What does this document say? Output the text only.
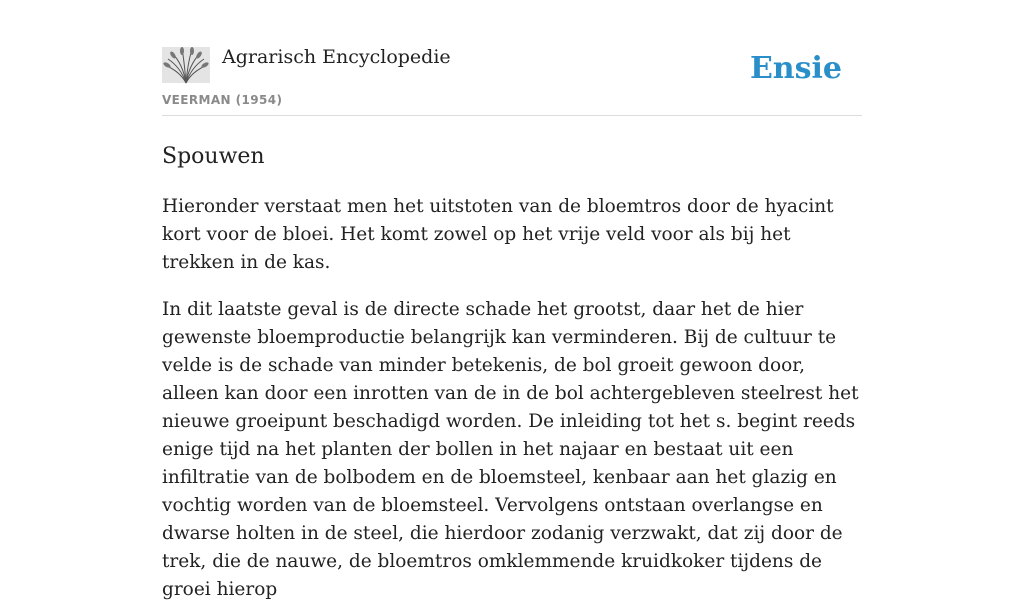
Agrarisch Encyclopedie
VEERMAN (1954)
Ensie
Spouwen

Hieronder verstaat men het uitstoten van de bloemtros door de hyacint kort voor de bloei. Het komt zowel op het vrije veld voor als bij het trekken in de kas.

In dit laatste geval is de directe schade het grootst, daar het de hier gewenste bloemproductie belangrijk kan verminderen. Bij de cultuur te velde is de schade van minder betekenis, de bol groeit gewoon door, alleen kan door een inrotten van de in de bol achtergebleven steelrest het nieuwe groeipunt beschadigd worden. De inleiding tot het s. begint reeds enige tijd na het planten der bollen in het najaar en bestaat uit een infiltratie van de bolbodem en de bloemsteel, kenbaar aan het glazig en vochtig worden van de bloemsteel. Vervolgens ontstaan overlangse en dwarse holten in de steel, die hierdoor zodanig verzwakt, dat zij door de trek, die de nauwe, de bloemtros omklemmende kruidkoker tijdens de groei hierop
